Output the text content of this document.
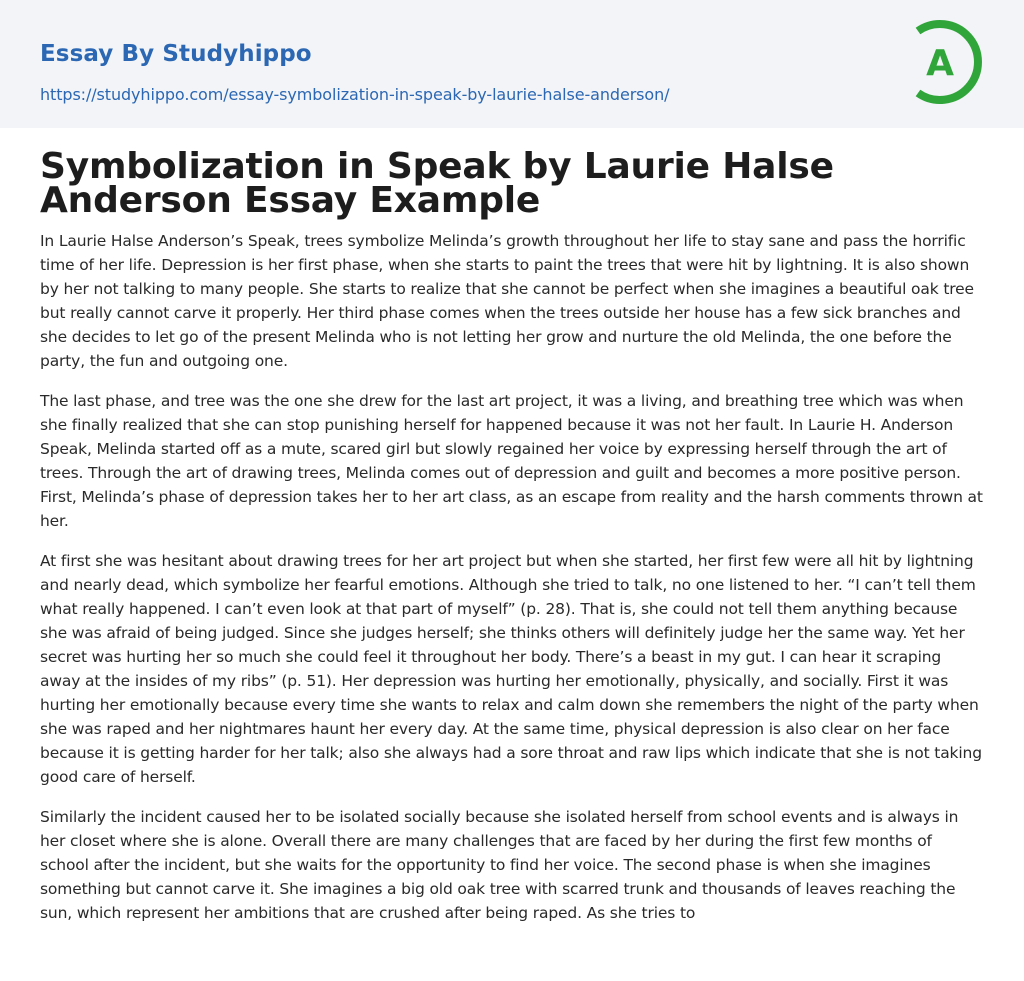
Essay By Studyhippo
https://studyhippo.com/essay-symbolization-in-speak-by-laurie-halse-anderson/
A
Symbolization in Speak by Laurie Halse Anderson Essay Example

In Laurie Halse Anderson’s Speak, trees symbolize Melinda’s growth throughout her life to stay sane and pass the horrific time of her life. Depression is her first phase, when she starts to paint the trees that were hit by lightning. It is also shown by her not talking to many people. She starts to realize that she cannot be perfect when she imagines a beautiful oak tree but really cannot carve it properly. Her third phase comes when the trees outside her house has a few sick branches and she decides to let go of the present Melinda who is not letting her grow and nurture the old Melinda, the one before the party, the fun and outgoing one.

The last phase, and tree was the one she drew for the last art project, it was a living, and breathing tree which was when she finally realized that she can stop punishing herself for happened because it was not her fault. In Laurie H. Anderson Speak, Melinda started off as a mute, scared girl but slowly regained her voice by expressing herself through the art of trees. Through the art of drawing trees, Melinda comes out of depression and guilt and becomes a more positive person. First, Melinda’s phase of depression takes her to her art class, as an escape from reality and the harsh comments thrown at her.

At first she was hesitant about drawing trees for her art project but when she started, her first few were all hit by lightning and nearly dead, which symbolize her fearful emotions. Although she tried to talk, no one listened to her. “I can’t tell them what really happened. I can’t even look at that part of myself” (p. 28). That is, she could not tell them anything because she was afraid of being judged. Since she judges herself; she thinks others will definitely judge her the same way. Yet her secret was hurting her so much she could feel it throughout her body. There’s a beast in my gut. I can hear it scraping away at the insides of my ribs” (p. 51). Her depression was hurting her emotionally, physically, and socially. First it was hurting her emotionally because every time she wants to relax and calm down she remembers the night of the party when she was raped and her nightmares haunt her every day. At the same time, physical depression is also clear on her face because it is getting harder for her talk; also she always had a sore throat and raw lips which indicate that she is not taking good care of herself.

Similarly the incident caused her to be isolated socially because she isolated herself from school events and is always in her closet where she is alone. Overall there are many challenges that are faced by her during the first few months of school after the incident, but she waits for the opportunity to find her voice. The second phase is when she imagines something but cannot carve it. She imagines a big old oak tree with scarred trunk and thousands of leaves reaching the sun, which represent her ambitions that are crushed after being raped. As she tries to
